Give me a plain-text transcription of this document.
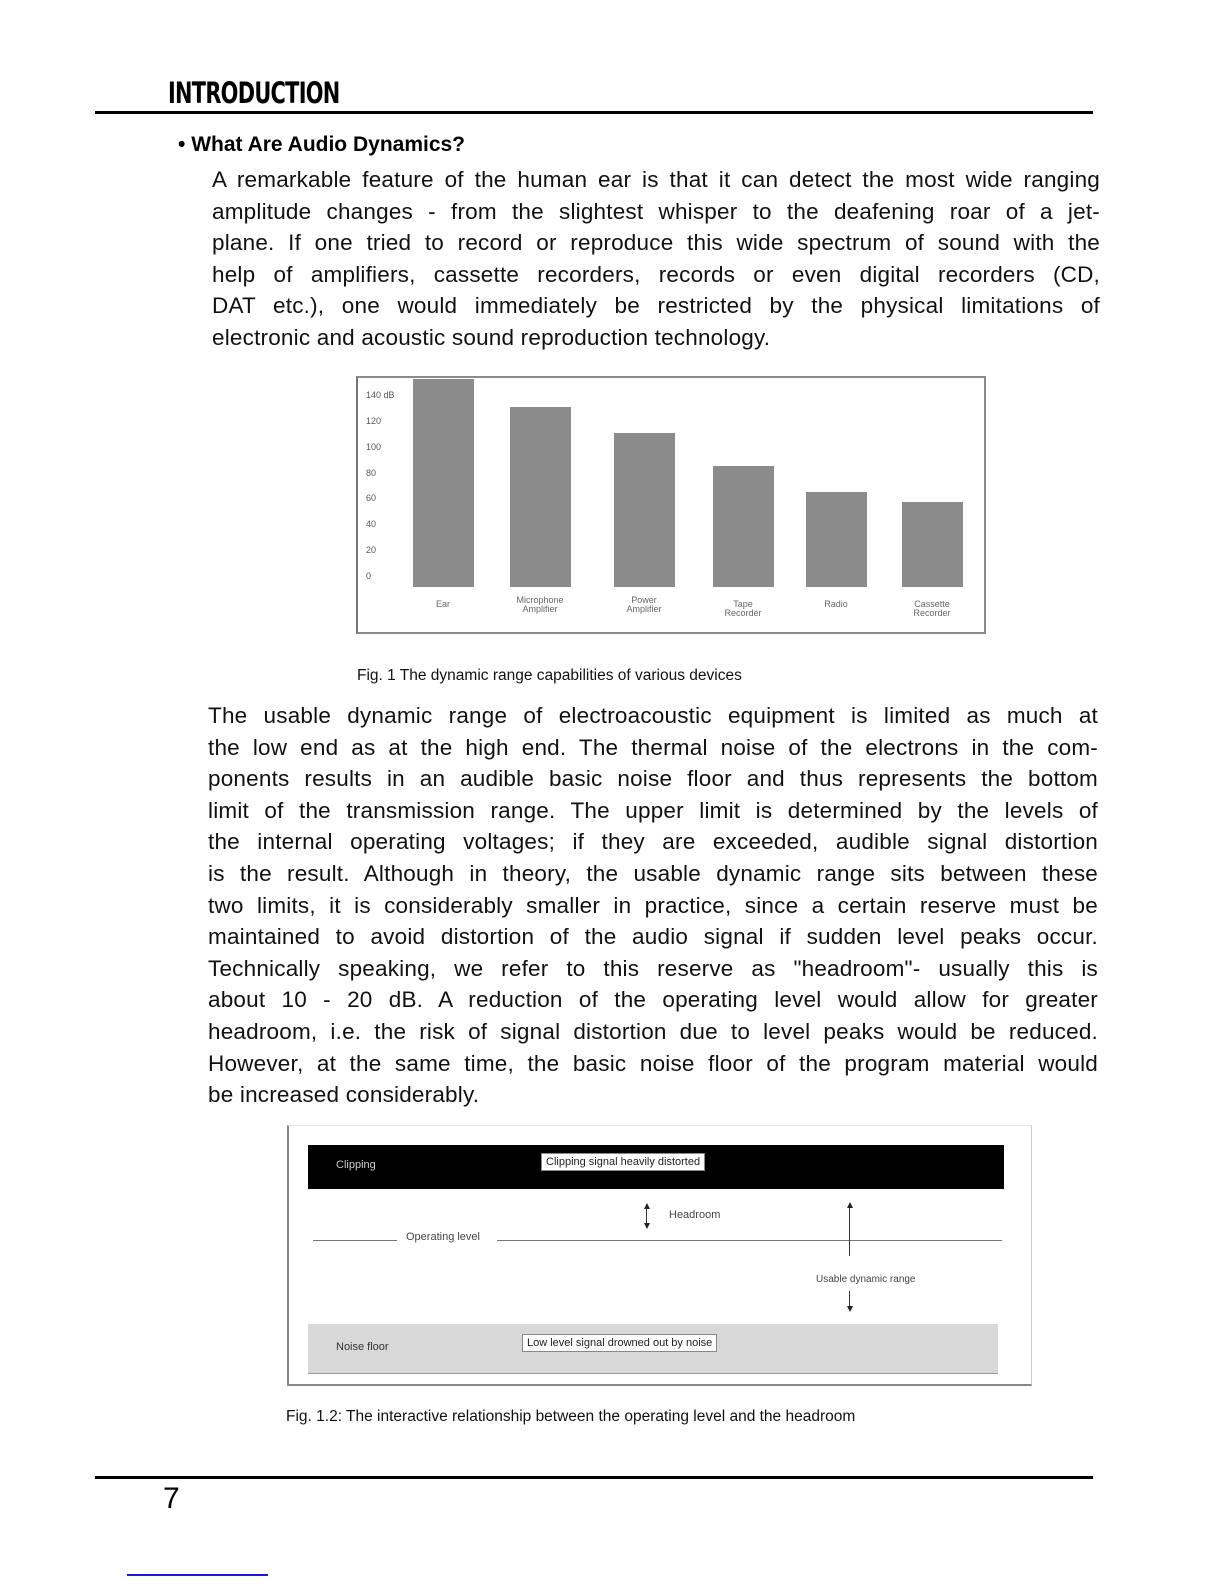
INTRODUCTION
• What Are Audio Dynamics?
A remarkable feature of the human ear is that it can detect the most wide ranging
amplitude changes - from the slightest whisper to the deafening roar of a jet-
plane. If one tried to record or reproduce this wide spectrum of sound with the
help of amplifiers, cassette recorders, records or even digital recorders (CD,
DAT etc.), one would immediately be restricted by the physical limitations of
electronic and acoustic sound reproduction technology.
140 dB
120
100
80
60
40
20
0
Ear	Microphone
Amplifier
Power
Amplifier	Tape
Recorder
Radio	Cassette
Recorder
Fig. 1 The dynamic range capabilities of various devices
The usable dynamic range of electroacoustic equipment is limited as much at
the low end as at the high end. The thermal noise of the electrons in the com-
ponents results in an audible basic noise floor and thus represents the bottom
limit of the transmission range. The upper limit is determined by the levels of
the internal operating voltages; if they are exceeded, audible signal distortion
is the result. Although in theory, the usable dynamic range sits between these
two limits, it is considerably smaller in practice, since a certain reserve must be
maintained to avoid distortion of the audio signal if sudden level peaks occur.
Technically speaking, we refer to this reserve as "headroom"- usually this is
about 10 - 20 dB. A reduction of the operating level would allow for greater
headroom, i.e. the risk of signal distortion due to level peaks would be reduced.
However, at the same time, the basic noise floor of the program material would
be increased considerably.
Clipping	Clipping signal heavily distorted
Headroom
Operating level
Usable dynamic range
Noise floor	Low level signal drowned out by noise
Fig. 1.2: The interactive relationship between the operating level and the headroom
7
